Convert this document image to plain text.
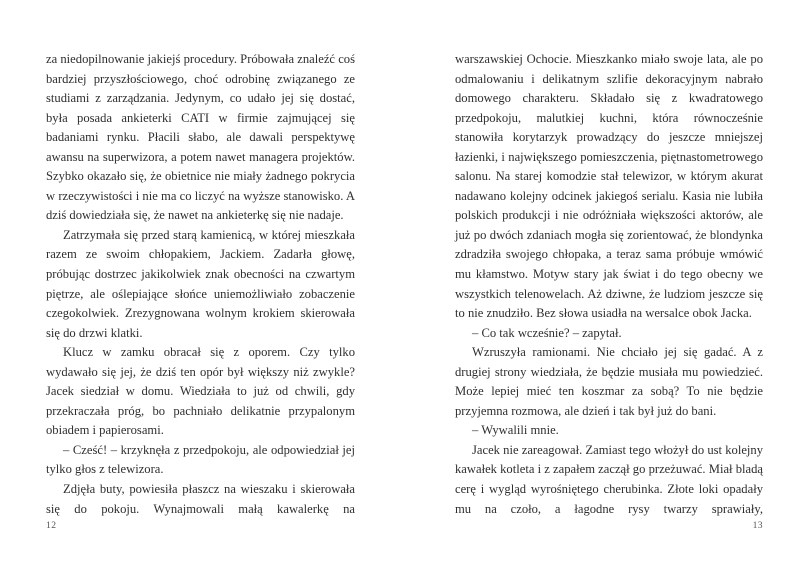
za niedopilnowanie jakiejś procedury. Próbowała znaleźć coś bardziej przyszłościowego, choć odrobinę związanego ze studiami z zarządzania. Jedynym, co udało jej się dostać, była posada ankieterki CATI w firmie zajmującej się badaniami rynku. Płacili słabo, ale dawali perspektywę awansu na superwizora, a potem nawet managera projektów. Szybko okazało się, że obietnice nie miały żadnego pokrycia w rzeczywistości i nie ma co liczyć na wyższe stanowisko. A dziś dowiedziała się, że nawet na ankieterkę się nie nadaje.

Zatrzymała się przed starą kamienicą, w której mieszkała razem ze swoim chłopakiem, Jackiem. Zadarła głowę, próbując dostrzec jakikolwiek znak obecności na czwartym piętrze, ale oślepiające słońce uniemożliwiało zobaczenie czegokolwiek. Zrezygnowana wolnym krokiem skierowała się do drzwi klatki.

Klucz w zamku obracał się z oporem. Czy tylko wydawało się jej, że dziś ten opór był większy niż zwykle? Jacek siedział w domu. Wiedziała to już od chwili, gdy przekraczała próg, bo pachniało delikatnie przypalonym obiadem i papierosami.

– Cześć! – krzyknęła z przedpokoju, ale odpowiedział jej tylko głos z telewizora.

Zdjęła buty, powiesiła płaszcz na wieszaku i skierowała się do pokoju. Wynajmowali małą kawalerkę na

12

warszawskiej Ochocie. Mieszkanko miało swoje lata, ale po odmalowaniu i delikatnym szlifie dekoracyjnym nabrało domowego charakteru. Składało się z kwadratowego przedpokoju, malutkiej kuchni, która równocześnie stanowiła korytarzyk prowadzący do jeszcze mniejszej łazienki, i największego pomieszczenia, piętnastometrowego salonu. Na starej komodzie stał telewizor, w którym akurat nadawano kolejny odcinek jakiegoś serialu. Kasia nie lubiła polskich produkcji i nie odróżniała większości aktorów, ale już po dwóch zdaniach mogła się zorientować, że blondynka zdradziła swojego chłopaka, a teraz sama próbuje wmówić mu kłamstwo. Motyw stary jak świat i do tego obecny we wszystkich telenowelach. Aż dziwne, że ludziom jeszcze się to nie znudziło. Bez słowa usiadła na wersalce obok Jacka.

– Co tak wcześnie? – zapytał.

Wzruszyła ramionami. Nie chciało jej się gadać. A z drugiej strony wiedziała, że będzie musiała mu powiedzieć. Może lepiej mieć ten koszmar za sobą? To nie będzie przyjemna rozmowa, ale dzień i tak był już do bani.

– Wywalili mnie.

Jacek nie zareagował. Zamiast tego włożył do ust kolejny kawałek kotleta i z zapałem zaczął go przeżuwać. Miał bladą cerę i wygląd wyrośniętego cherubinka. Złote loki opadały mu na czoło, a łagodne rysy twarzy sprawiały,

13
